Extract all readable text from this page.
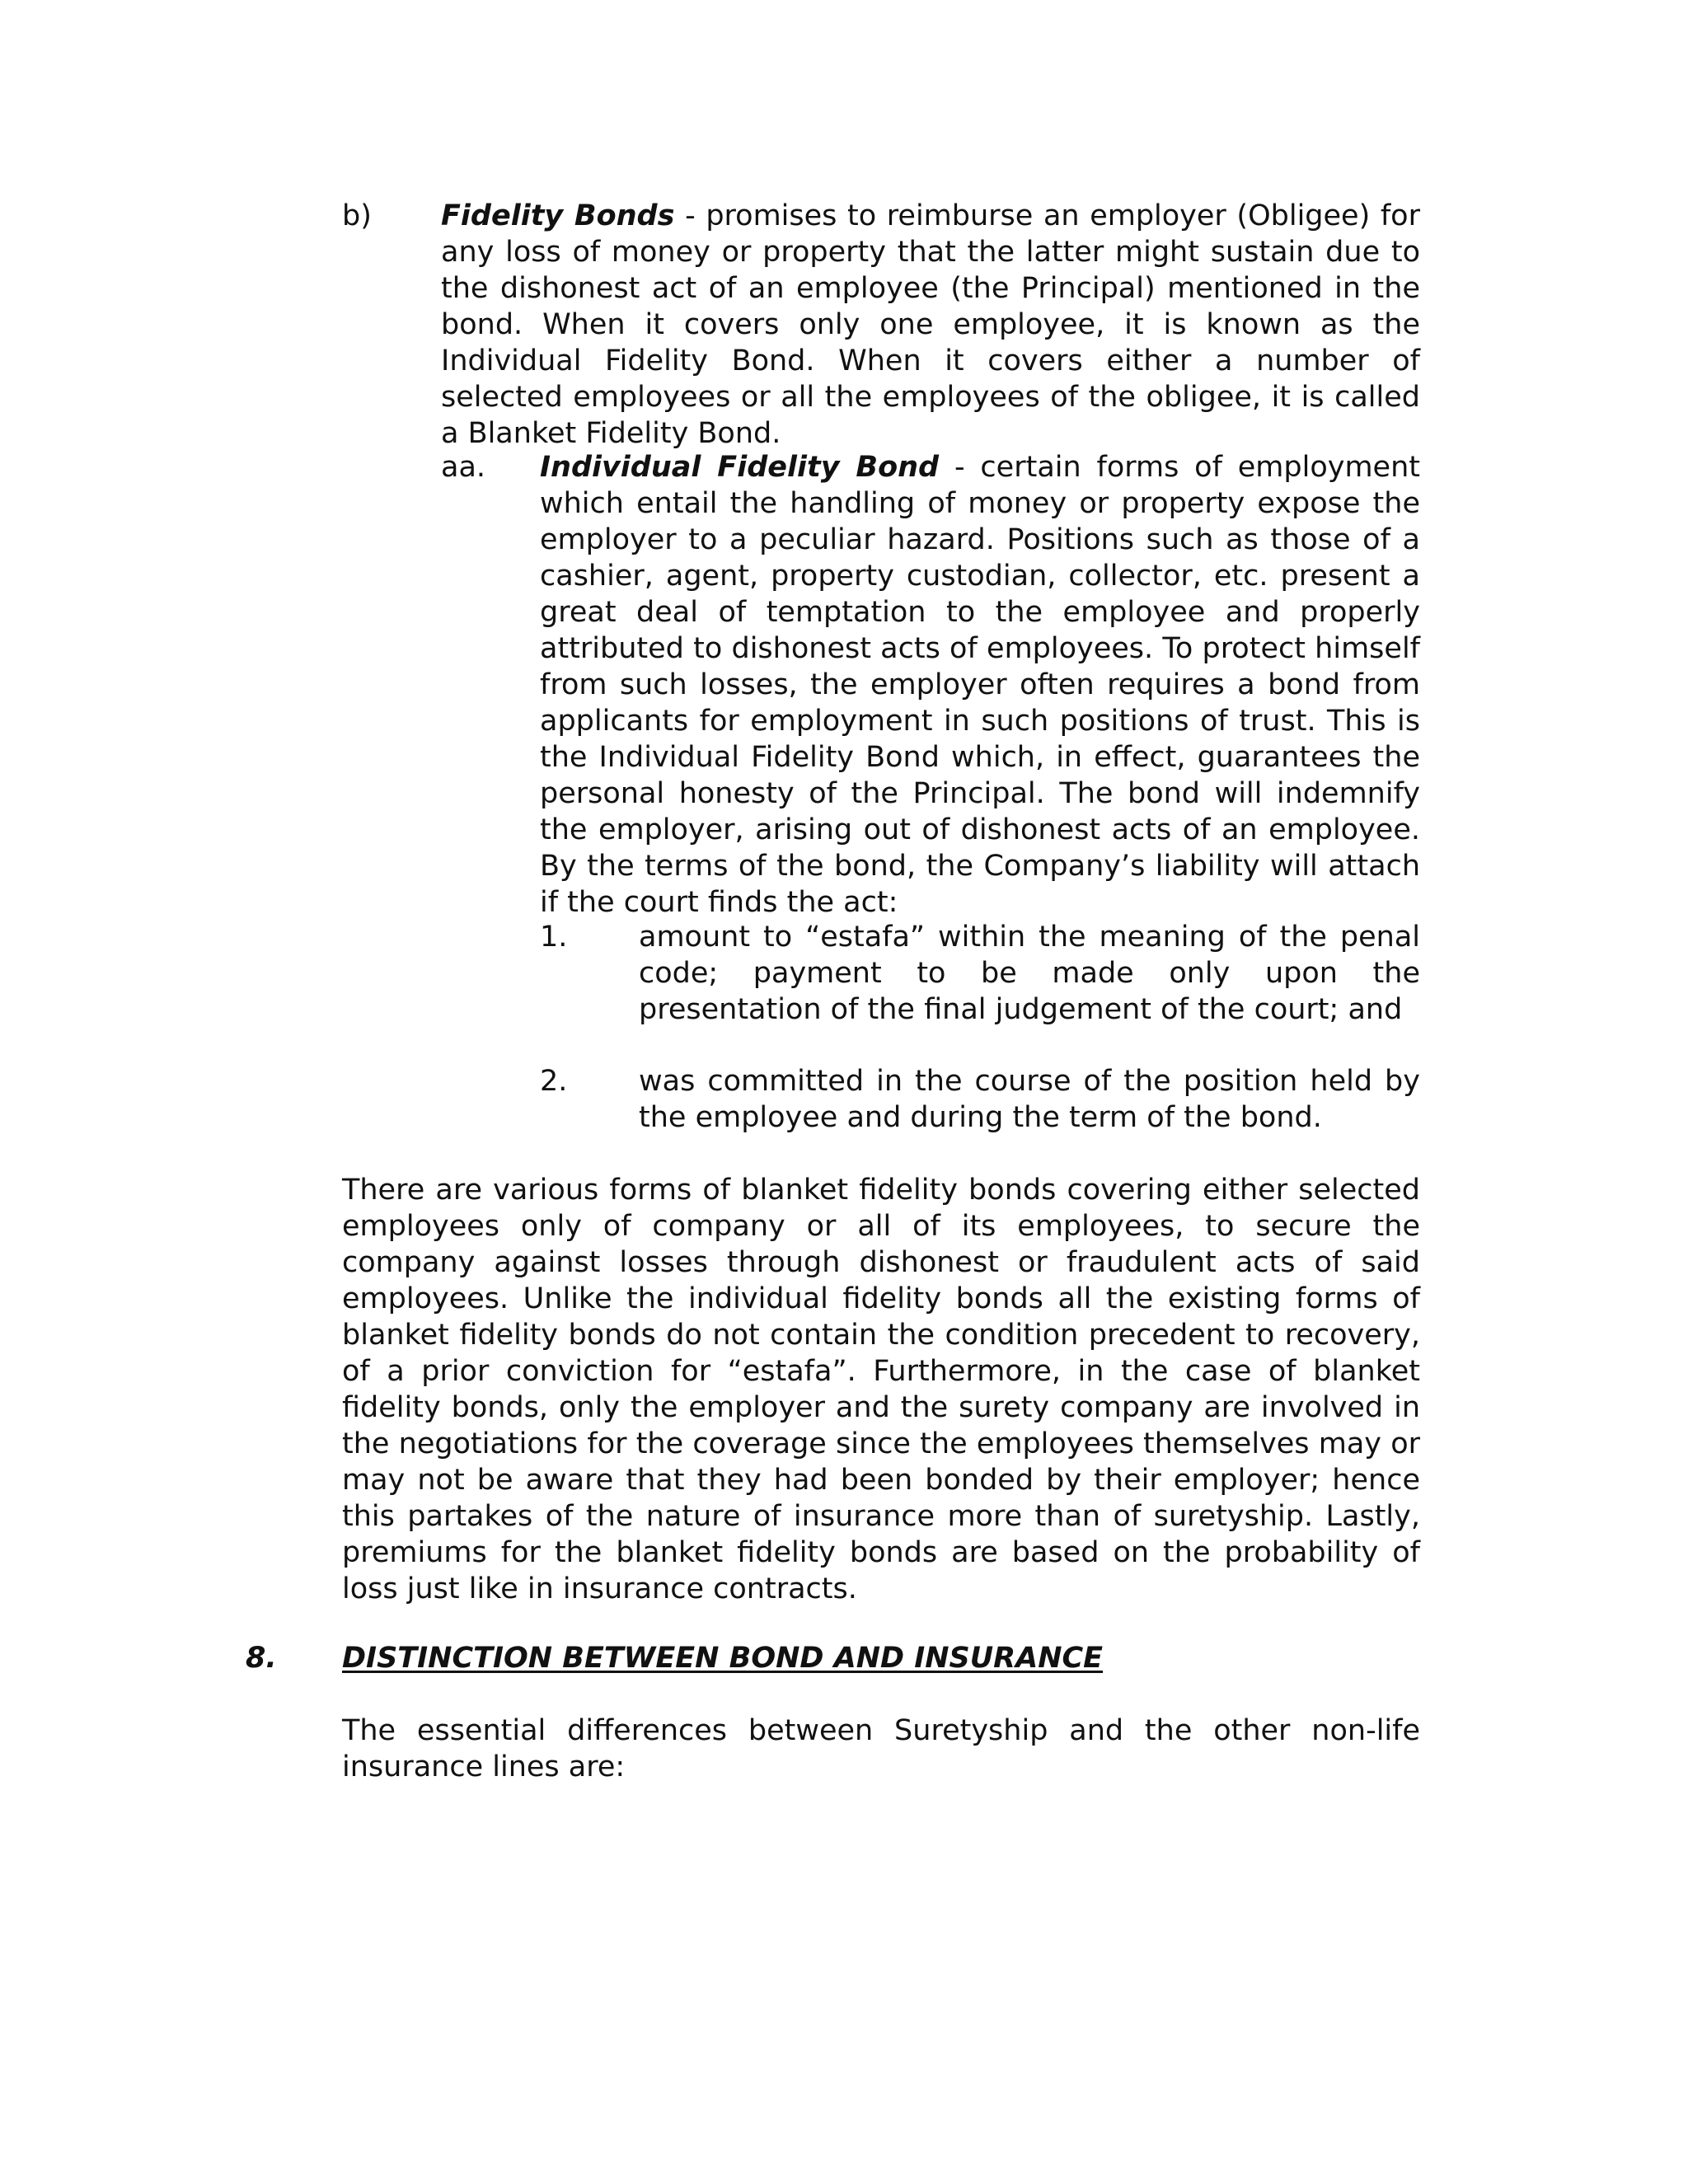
b) Fidelity Bonds - promises to reimburse an employer (Obligee) for any loss of money or property that the latter might sustain due to the dishonest act of an employee (the Principal) mentioned in the bond. When it covers only one employee, it is known as the Individual Fidelity Bond. When it covers either a number of selected employees or all the employees of the obligee, it is called a Blanket Fidelity Bond.

aa. Individual Fidelity Bond - certain forms of employment which entail the handling of money or property expose the employer to a peculiar hazard. Positions such as those of a cashier, agent, property custodian, collector, etc. present a great deal of temptation to the employee and properly attributed to dishonest acts of employees. To protect himself from such losses, the employer often requires a bond from applicants for employment in such positions of trust. This is the Individual Fidelity Bond which, in effect, guarantees the personal honesty of the Principal. The bond will indemnify the employer, arising out of dishonest acts of an employee. By the terms of the bond, the Company’s liability will attach if the court finds the act:

1. amount to “estafa” within the meaning of the penal code; payment to be made only upon the presentation of the final judgement of the court; and

2. was committed in the course of the position held by the employee and during the term of the bond.

There are various forms of blanket fidelity bonds covering either selected employees only of company or all of its employees, to secure the company against losses through dishonest or fraudulent acts of said employees. Unlike the individual fidelity bonds all the existing forms of blanket fidelity bonds do not contain the condition precedent to recovery, of a prior conviction for “estafa”. Furthermore, in the case of blanket fidelity bonds, only the employer and the surety company are involved in the negotiations for the coverage since the employees themselves may or may not be aware that they had been bonded by their employer; hence this partakes of the nature of insurance more than of suretyship. Lastly, premiums for the blanket fidelity bonds are based on the probability of loss just like in insurance contracts.

8. DISTINCTION BETWEEN BOND AND INSURANCE

The essential differences between Suretyship and the other non-life insurance lines are:
